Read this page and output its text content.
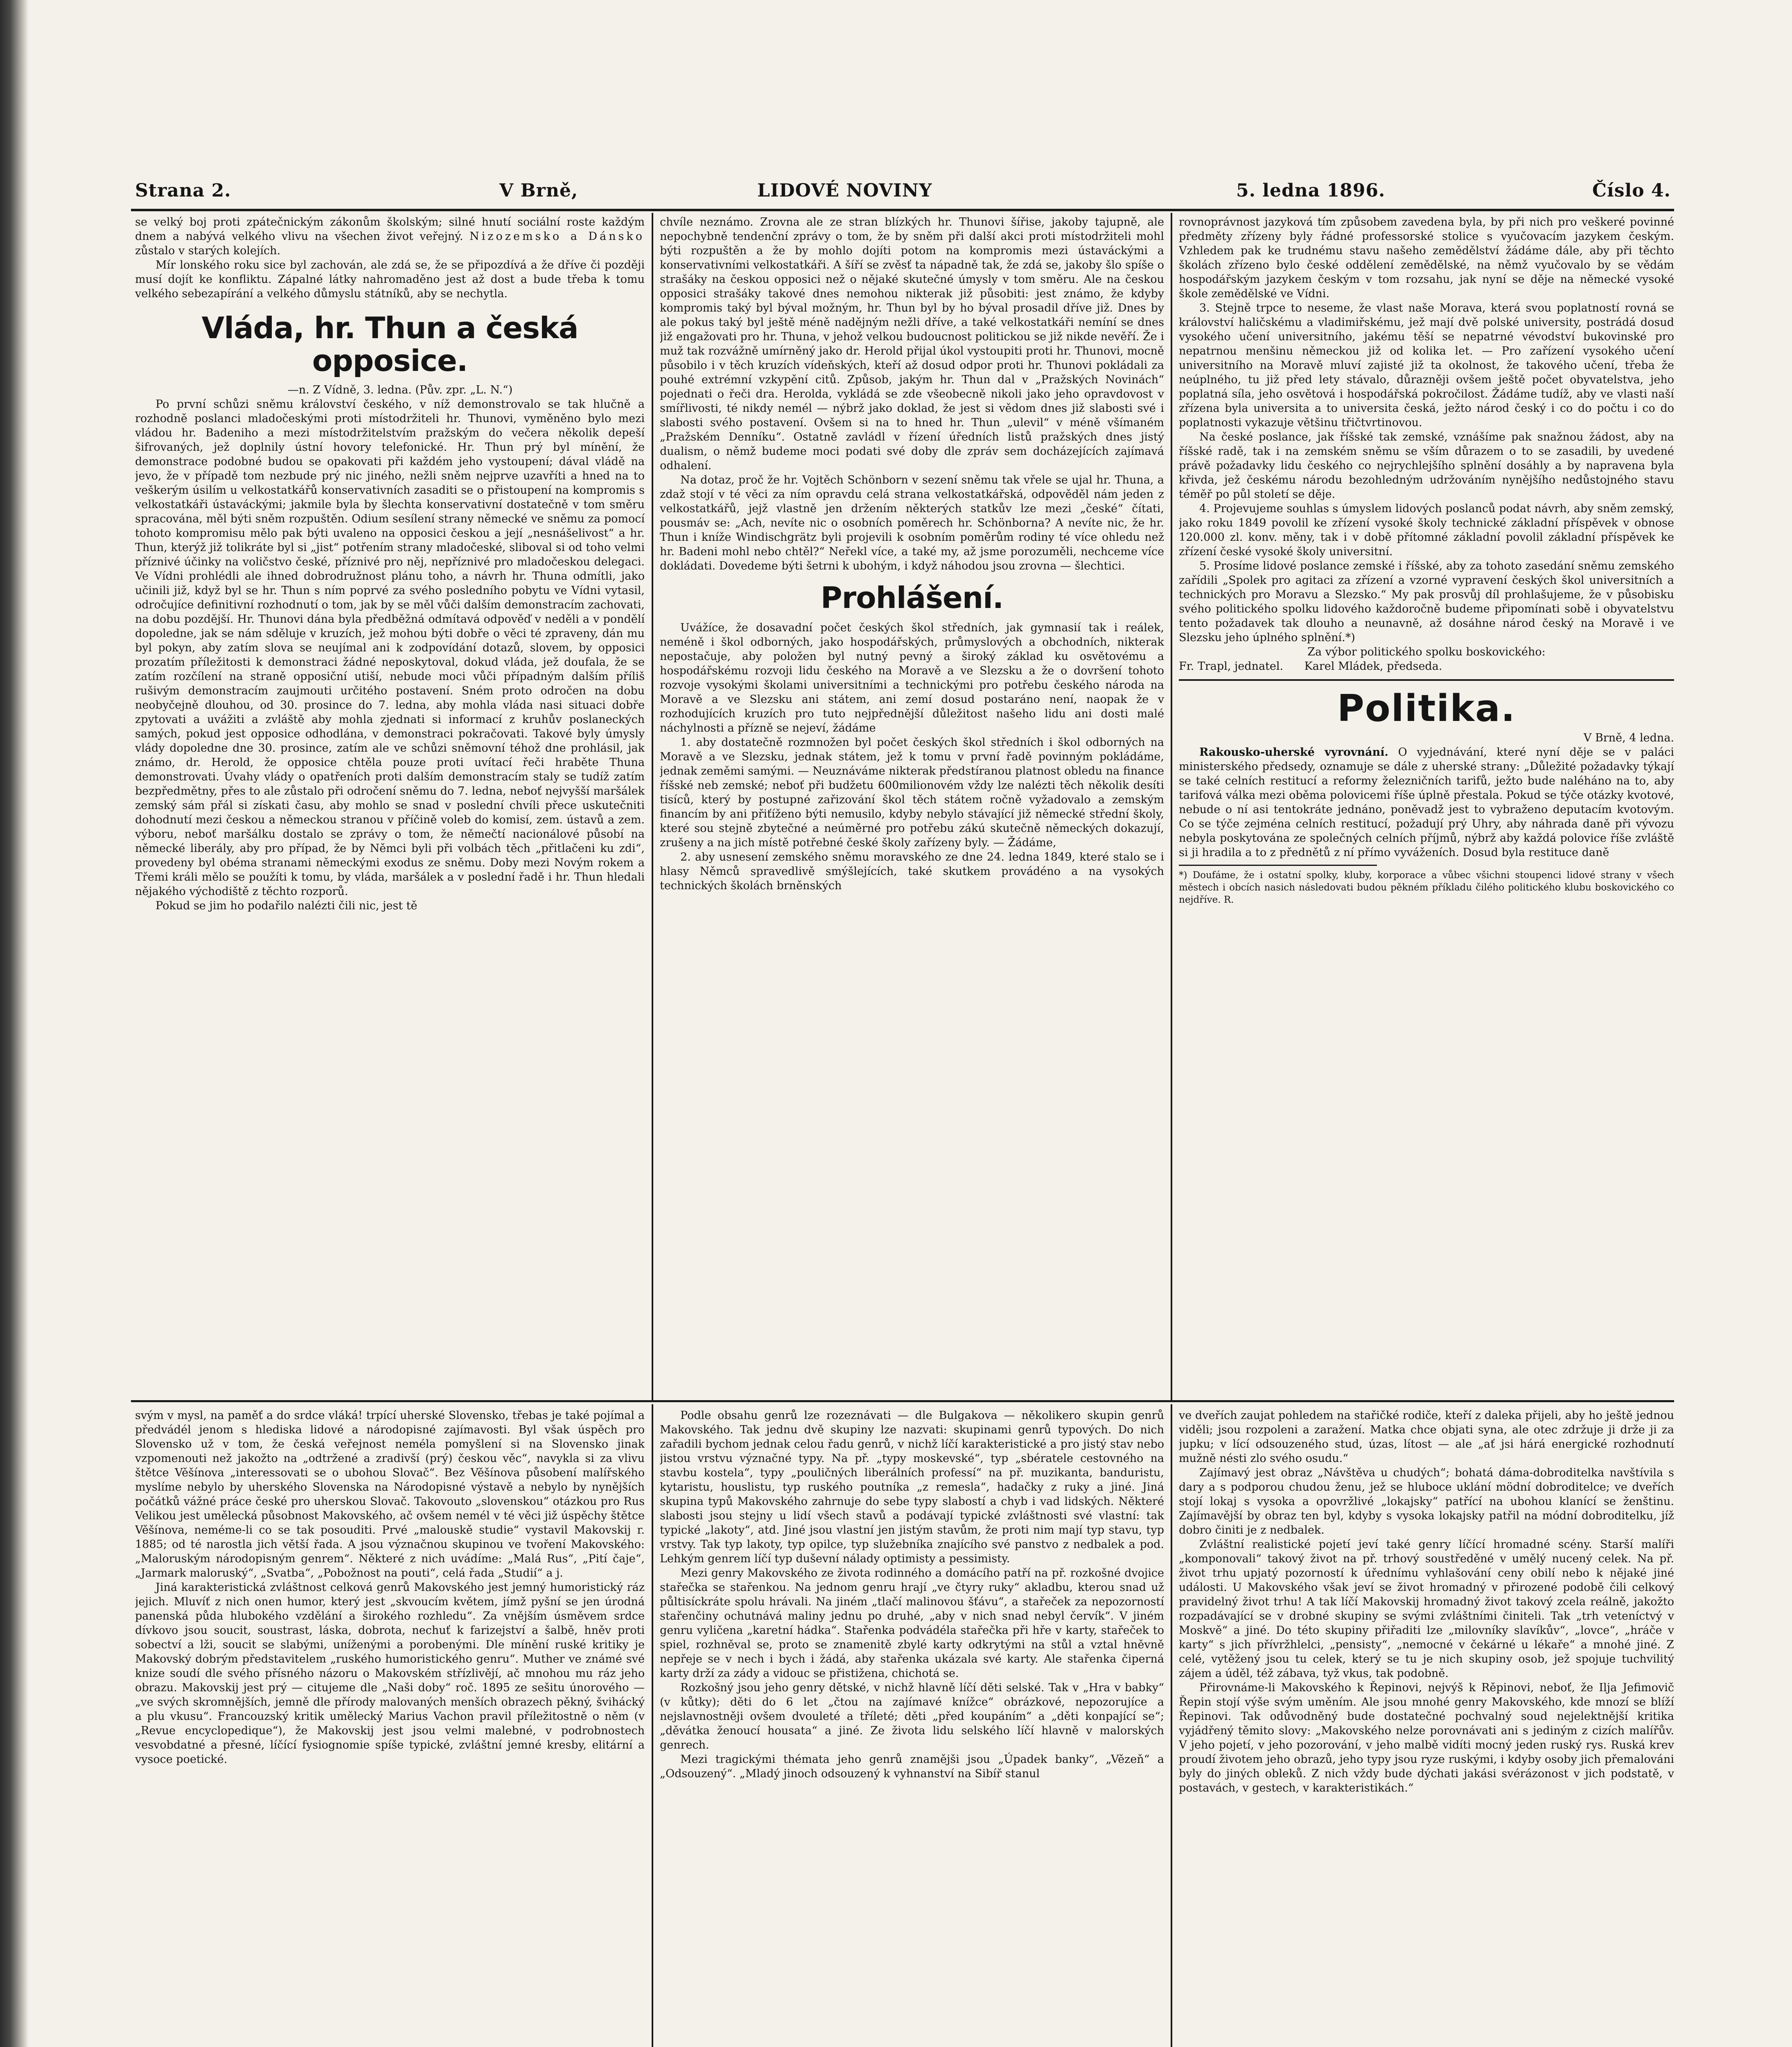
Strana 2.	V Brně,	LIDOVÉ NOVINY	5. ledna 1896.	Číslo 4.

se velký boj proti zpátečnickým zákonům školským; silné hnutí sociální roste každým dnem a nabývá velkého vlivu na všechen život veřejný. Nizozemsko a Dánsko zůstalo v starých kolejích.

Mír lonského roku sice byl zachován, ale zdá se, že se připozdívá a že dříve či později musí dojít ke konfliktu. Zápalné látky nahromaděno jest až dost a bude třeba k tomu velkého sebezapírání a velkého důmyslu státníků, aby se nechytla.

Vláda, hr. Thun a česká opposice.

—n. Z Vídně, 3. ledna. (Pův. zpr. „L. N.“)

Po první schůzi sněmu království českého, v níž demonstrovalo se tak hlučně a rozhodně poslanci mladočeskými proti místodržiteli hr. Thunovi, vyměněno bylo mezi vládou hr. Badeniho a mezi místodržitelstvím pražským do večera několik depeší šifrovaných, jež doplnily ústní hovory telefonické. Hr. Thun prý byl mínění, že demonstrace podobné budou se opakovati při každém jeho vystoupení; dával vládě na jevo, že v případě tom nezbude prý nic jiného, nežli sněm nejprve uzavříti a hned na to veškerým úsilím u velkostatkářů konservativních zasaditi se o přistoupení na kompromis s velkostatkáři ústaváckými; jakmile byla by šlechta konservativní dostatečně v tom směru spracována, měl býti sněm rozpuštěn. Odium sesílení strany německé ve sněmu za pomocí tohoto kompromisu mělo pak býti uvaleno na opposici českou a její „nesnášelivost“ a hr. Thun, kterýž již tolikráte byl si „jist“ potřením strany mladočeské, sliboval si od toho velmi příznivé účinky na voličstvo české, příznivé pro něj, nepříznivé pro mladočeskou delegaci. Ve Vídni prohlédli ale ihned dobrodružnost plánu toho, a návrh hr. Thuna odmítli, jako učinili již, když byl se hr. Thun s ním poprvé za svého posledního pobytu ve Vídni vytasil, odročujíce definitivní rozhodnutí o tom, jak by se měl vůči dalším demonstracím zachovati, na dobu pozdější. Hr. Thunovi dána byla předběžná odmítavá odpověď v neděli a v pondělí dopoledne, jak se nám sděluje v kruzích, jež mohou býti dobře o věci té zpraveny, dán mu byl pokyn, aby zatím slova se neujímal ani k zodpovídání dotazů, slovem, by opposici prozatím příležitosti k demonstraci žádné neposkytoval, dokud vláda, jež doufala, že se zatím rozčílení na straně opposiční utiší, nebude moci vůči případným dalším příliš rušivým demonstracím zaujmouti určitého postavení. Sném proto odročen na dobu neobyčejně dlouhou, od 30. prosince do 7. ledna, aby mohla vláda nasi situaci dobře zpytovati a uvážiti a zvláště aby mohla zjednati si informací z kruhův poslaneckých samých, pokud jest opposice odhodlána, v demonstraci pokračovati. Takové byly úmysly vlády dopoledne dne 30. prosince, zatím ale ve schůzi sněmovní téhož dne prohlásil, jak známo, dr. Herold, že opposice chtěla pouze proti uvítací řeči hraběte Thuna demonstrovati. Úvahy vlády o opatřeních proti dalším demonstracím staly se tudíž zatím bezpředmětny, přes to ale zůstalo při odročení sněmu do 7. ledna, neboť nejvyšší maršálek zemský sám přál si získati času, aby mohlo se snad v poslední chvíli přece uskutečniti dohodnutí mezi českou a německou stranou v příčině voleb do komisí, zem. ústavů a zem. výboru, neboť maršálku dostalo se zprávy o tom, že němečtí nacionálové působí na německé liberály, aby pro případ, že by Němci byli při volbách těch „přitlačeni ku zdi“, provedeny byl obéma stranami německými exodus ze sněmu. Doby mezi Novým rokem a Třemi králi mělo se použíti k tomu, by vláda, maršálek a v poslední řadě i hr. Thun hledali nějakého východiště z těchto rozporů.

Pokud se jim ho podařilo nalézti čili nic, jest tě

chvíle neznámo. Zrovna ale ze stran blízkých hr. Thunovi šířise, jakoby tajupně, ale nepochybně tendenční zprávy o tom, že by sněm při další akci proti místodržiteli mohl býti rozpuštěn a že by mohlo dojíti potom na kompromis mezi ústaváckými a konservativními velkostatkáři. A šíří se zvěsť ta nápadně tak, že zdá se, jakoby šlo spíše o strašáky na českou opposici než o nějaké skutečné úmysly v tom směru. Ale na českou opposici strašáky takové dnes nemohou nikterak již působiti: jest známo, že kdyby kompromis taký byl býval možným, hr. Thun byl by ho býval prosadil dříve již. Dnes by ale pokus taký byl ještě méně nadějným nežli dříve, a také velkostatkáři nemíní se dnes již engažovati pro hr. Thuna, v jehož velkou budoucnost politickou se již nikde nevěří. Že i muž tak rozvážně umírněný jako dr. Herold přijal úkol vystoupiti proti hr. Thunovi, mocně působilo i v těch kruzích vídeňských, kteří až dosud odpor proti hr. Thunovi pokládali za pouhé extrémní vzkypění citů. Způsob, jakým hr. Thun dal v „Pražských Novinách“ pojednati o řeči dra. Herolda, vykládá se zde všeobecně nikoli jako jeho opravdovost v smířlivosti, té nikdy nemél — nýbrž jako doklad, že jest si vědom dnes již slabosti své i slabosti svého postavení. Ovšem si na to hned hr. Thun „ulevil“ v méně všímaném „Pražském Denníku“. Ostatně zavládl v řízení úředních listů pražských dnes jistý dualism, o němž budeme moci podati své doby dle zpráv sem docházejících zajímavá odhalení.

Na dotaz, proč že hr. Vojtěch Schönborn v sezení sněmu tak vřele se ujal hr. Thuna, a zdaž stojí v té věci za ním opravdu celá strana velkostatkářská, odpověděl nám jeden z velkostatkářů, jejž vlastně jen držením některých statkův lze mezi „české“ čítati, pousmáv se: „Ach, nevíte nic o osobních poměrech hr. Schönborna? A nevíte nic, že hr. Thun i kníže Windischgrätz byli projevili k osobním poměrům rodiny té více ohledu než hr. Badeni mohl nebo chtěl?“ Neřekl více, a také my, až jsme porozuměli, nechceme více dokládati. Dovedeme býti šetrni k ubohým, i když náhodou jsou zrovna — šlechtici.

Prohlášení.

Uvážíce, že dosavadní počet českých škol středních, jak gymnasií tak i reálek, neméně i škol odborných, jako hospodářských, průmyslových a obchodních, nikterak nepostačuje, aby položen byl nutný pevný a široký základ ku osvětovému a hospodářskému rozvoji lidu českého na Moravě a ve Slezsku a že o dovršení tohoto rozvoje vysokými školami universitními a technickými pro potřebu českého národa na Moravě a ve Slezsku ani státem, ani zemí dosud postaráno není, naopak že v rozhodujících kruzích pro tuto nejpřednější důležitost našeho lidu ani dosti malé náchylnosti a přízně se nejeví, žádáme

1. aby dostatečně rozmnožen byl počet českých škol středních i škol odborných na Moravě a ve Slezsku, jednak státem, jež k tomu v první řadě povinným pokládáme, jednak zeměmi samými. — Neuznáváme nikterak předstíranou platnost obledu na finance říšské neb zemské; neboť při budžetu 600milionovém vždy lze nalézti těch několik desíti tisíců, který by postupné zařizování škol těch státem ročně vyžadovalo a zemským financím by ani přiťíženo býti nemusilo, kdyby nebylo stávající již německé střední školy, které sou stejně zbytečné a neúměrné pro potřebu zákú skutečně německých dokazují, zrušeny a na jich místě potřebné české školy zařízeny byly. — Žádáme,

2. aby usnesení zemského sněmu moravského ze dne 24. ledna 1849, které stalo se i hlasy Němců spravedlivě smýšlejících, také skutkem provádéno a na vysokých technických školách brněnských

rovnoprávnost jazyková tím způsobem zavedena byla, by při nich pro veškeré povinné předměty zřízeny byly řádné professorské stolice s vyučovacím jazykem českým. Vzhledem pak ke trudnému stavu našeho zemědělství žádáme dále, aby při těchto školách zřízeno bylo české oddělení zemědělské, na němž vyučovalo by se vědám hospodářským jazykem českým v tom rozsahu, jak nyní se děje na německé vysoké škole zemědělské ve Vídni.

3. Stejně trpce to neseme, že vlast naše Morava, která svou poplatností rovná se království haličskému a vladimiřskému, jež mají dvě polské university, postrádá dosud vysokého učení universitního, jakému těší se nepatrné vévodství bukovinské pro nepatrnou menšinu německou již od kolika let. — Pro zařízení vysokého učení universitního na Moravě mluví zajisté již ta okolnost, že takového učení, třeba že neúplného, tu již před lety stávalo, důrazněji ovšem ještě počet obyvatelstva, jeho poplatná síla, jeho osvětová i hospodářská pokročilost. Žádáme tudíž, aby ve vlasti naší zřízena byla universita a to universita česká, ježto národ český i co do počtu i co do poplatnosti vykazuje většinu třičtvrtinovou.

Na české poslance, jak říšské tak zemské, vznášíme pak snažnou žádost, aby na říšské radě, tak i na zemském sněmu se vším důrazem o to se zasadili, by uvedené právě požadavky lidu českého co nejrychlejšího splnění dosáhly a by napravena byla křivda, jež českému národu bezohledným udržováním nynějšího nedůstojného stavu téměř po půl století se děje.

4. Projevujeme souhlas s úmyslem lidových poslanců podat návrh, aby sněm zemský, jako roku 1849 povolil ke zřízení vysoké školy technické základní příspěvek v obnose 120.000 zl. konv. měny, tak i v době přítomné základní povolil základní příspěvek ke zřízení české vysoké školy universitní.

5. Prosíme lidové poslance zemské i říšské, aby za tohoto zasedání sněmu zemského zařídili „Spolek pro agitaci za zřízení a vzorné vypravení českých škol universitních a technických pro Moravu a Slezsko.“ My pak prosvůj díl prohlašujeme, že v působisku svého politického spolku lidového každoročně budeme připomínati sobě i obyvatelstvu tento požadavek tak dlouho a neunavně, až dosáhne národ český na Moravě i ve Slezsku jeho úplného splnění.*)

Za výbor politického spolku boskovického:

Fr. Trapl, jednatel. Karel Mládek, předseda.

Politika.

V Brně, 4 ledna.

Rakousko-uherské vyrovnání. O vyjednávání, které nyní děje se v paláci ministerského předsedy, oznamuje se dále z uherské strany: „Důležité požadavky týkají se také celních restitucí a reformy železničních tarifů, ježto bude naléháno na to, aby tarifová válka mezi oběma polovicemi říše úplně přestala. Pokud se týče otázky kvotové, nebude o ní asi tentokráte jednáno, poněvadž jest to vybraženo deputacím kvotovým. Co se týče zejména celních restitucí, požadují prý Uhry, aby náhrada daně při vývozu nebyla poskytována ze společných celních příjmů, nýbrž aby každá polovice říše zvláště si ji hradila a to z přednětů z ní přímo vyváženích. Dosud byla restituce daně

*) Doufáme, že i ostatní spolky, kluby, korporace a vůbec všichni stoupenci lidové strany v všech městech i obcích nasich následovati budou pěkném příkladu čilého politického klubu boskovického co nejdříve. R.

svým v mysl, na paměť a do srdce vláká! trpící uherské Slovensko, třebas je také pojímal a předvádél jenom s hlediska lidové a národopisné zajímavosti. Byl však úspěch pro Slovensko už v tom, že česká veřejnost neméla pomyšlení si na Slovensko jinak vzpomenouti než jakožto na „odtržené a zradivší (prý) českou věc“, navykla si za vlivu štětce Věšínova „interessovati se o ubohou Slovač“. Bez Věšínova působení malířského myslíme nebylo by uherského Slovenska na Národopisné výstavě a nebylo by nynějších počátků vážné práce české pro uherskou Slovač. Takovouto „slovenskou“ otázkou pro Rus Velikou jest umělecká působnost Makovského, ač ovšem nemél v té věci již úspěchy štětce Věšínova, neméme-li co se tak posouditi. Prvé „malouskě studie“ vystavil Makovskij r. 1885; od té narostla jich větší řada. A jsou význačnou skupinou ve tvoření Makovského: „Maloruským národopisným genrem“. Některé z nich uvádíme: „Malá Rus“, „Pití čaje“, „Jarmark maloruský“, „Svatba“, „Pobožnost na pouti“, celá řada „Studií“ a j.

Jiná karakteristická zvláštnost celková genrů Makovského jest jemný humoristický ráz jejich. Mluvíť z nich onen humor, který jest „skvoucím květem, jímž pyšní se jen úrodná panenská půda hlubokého vzdělání a širokého rozhledu“. Za vnějším úsměvem srdce dívkovo jsou soucit, soustrast, láska, dobrota, nechuť k farizejství a šalbě, hněv proti sobectví a lži, soucit se slabými, uníženými a porobenými. Dle mínění ruské kritiky je Makovský dobrým představitelem „ruského humoristického genru“. Muther ve známé své knize soudí dle svého přísného názoru o Makovském střízlivějí, ač mnohou mu ráz jeho obrazu. Makovskij jest prý — citujeme dle „Naši doby“ roč. 1895 ze sešitu únorového — „ve svých skromnějších, jemně dle přírody malovaných menších obrazech pěkný, švihácký a plu vkusu“. Francouzský kritik umělecký Marius Vachon pravil příležitostně o něm (v „Revue encyclopedique“), že Makovskij jest jsou velmi malebné, v podrobnostech vesvobdatné a přesné, líčící fysiognomie spíše typické, zvláštní jemné kresby, elitární a vysoce poetické.

Podle obsahu genrů lze rozeznávati — dle Bulgakova — několikero skupin genrů Makovského. Tak jednu dvě skupiny lze nazvati: skupinami genrů typových. Do nich zařadili bychom jednak celou řadu genrů, v nichž líčí karakteristické a pro jistý stav nebo jistou vrstvu význačné typy. Na př. „typy moskevské“, typ „sbératele cestovného na stavbu kostela“, typy „pouličných liberálních professí“ na př. muzikanta, banduristu, kytaristu, houslistu, typ ruského poutníka „z remesla“, hadačky z ruky a jiné. Jiná skupina typů Makovského zahrnuje do sebe typy slabostí a chyb i vad lidských. Některé slabosti jsou stejny u lidí všech stavů a podávají typické zvláštnosti své vlastní: tak typické „lakoty“, atd. Jiné jsou vlastní jen jistým stavům, že proti nim mají typ stavu, typ vrstvy. Tak typ lakoty, typ opilce, typ služebníka znajícího své panstvo z nedbalek a pod. Lehkým genrem líčí typ duševní nálady optimisty a pessimisty.

Mezi genry Makovského ze života rodinného a domácího patří na př. rozkošné dvojice stařečka se stařenkou. Na jednom genru hrají „ve čtyry ruky“ akladbu, kterou snad už půltisíckráte spolu hrávali. Na jiném „tlačí malinovou šťávu“, a stařeček za nepozorností stařenčiny ochutnává maliny jednu po druhé, „aby v nich snad nebyl červík“. V jiném genru vyličena „karetní hádka“. Stařenka podvádéla stařečka při hře v karty, stařeček to spiel, rozhněval se, proto se znamenitě zbylé karty odkrytými na stůl a vztal hněvně nepřeje se v nech i bych i žádá, aby stařenka ukázala své karty. Ale stařenka čiperná karty drží za zády a vidouc se přistižena, chichotá se.

Rozkošný jsou jeho genry dětské, v nichž hlavně líčí děti selské. Tak v „Hra v babky“ (v kůtky); děti do 6 let „čtou na zajímavé knížce“ obrázkové, nepozorujíce a nejslavnostněji ovšem dvouleté a tříleté; děti „před koupáním“ a „děti konpající se“; „děvátka ženoucí housata“ a jiné. Ze života lidu selského líčí hlavně v malorských genrech.

Mezi tragickými thémata jeho genrů znamějši jsou „Úpadek banky“, „Vězeň“ a „Odsouzený“. „Mladý jinoch odsouzený k vyhnanství na Sibíř stanul

ve dveřích zaujat pohledem na stařičké rodiče, kteří z daleka přijeli, aby ho ještě jednou viděli; jsou rozpoleni a zaražení. Matka chce objati syna, ale otec zdržuje ji drže ji za jupku; v lící odsouzeného stud, úzas, lítost — ale „ať jsi hárá energické rozhodnutí mužně nésti zlo svého osudu.“

Zajímavý jest obraz „Návštěva u chudých“; bohatá dáma-dobroditelka navštívila s dary a s podporou chudou ženu, jež se hluboce uklání mödní dobroditelce; ve dveřích stojí lokaj s vysoka a opovržlivé „lokajsky“ patřící na ubohou klanící se ženštinu. Zajímavější by obraz ten byl, kdyby s vysoka lokajsky patřil na módní dobroditelku, jíž dobro činiti je z nedbalek.

Zvláštní realistické pojetí jeví také genry líčící hromadné scény. Starší malíři „komponovali“ takový život na př. trhový soustředěné v umělý nucený celek. Na př. život trhu upjatý pozorností k úřednímu vyhlašování ceny obilí nebo k nějaké jiné události. U Makovského však jeví se život hromadný v přirozené podobě čili celkový pravidelný život trhu! A tak líčí Makovskij hromadný život takový zcela reálně, jakožto rozpadávající se v drobné skupiny se svými zvláštními činiteli. Tak „trh veteníctvý v Moskvě“ a jiné. Do této skupiny přiřaditi lze „milovníky slavíkův“, „lovce“, „hráče v karty“ s jich přívržhlelci, „pensisty“, „nemocné v čekárné u lékaře“ a mnohé jiné. Z celé, vytěžený jsou tu celek, který se tu je nich skupiny osob, jež spojuje tuchvilitý zájem a úděl, též zábava, tyž vkus, tak podobně.

Přirovnáme-li Makovského k Řepinovi, nejvýš k Rěpinovi, neboť, že Ilja Jefimovič Řepin stojí výše svým uměním. Ale jsou mnohé genry Makovského, kde mnozí se blíží Řepinovi. Tak odůvodněný bude dostatečné pochvalný soud nejelektnější kritika vyjádřený těmito slovy: „Makovského nelze porovnávati ani s jediným z cizích malířův. V jeho pojetí, v jeho pozorování, v jeho malbě vidíti mocný jeden ruský rys. Ruská krev proudí životem jeho obrazů, jeho typy jsou ryze ruskými, i kdyby osoby jich přemalováni byly do jiných obleků. Z nich vždy bude dýchati jakási svérázonost v jich podstatě, v postavách, v gestech, v karakteristikách.“
